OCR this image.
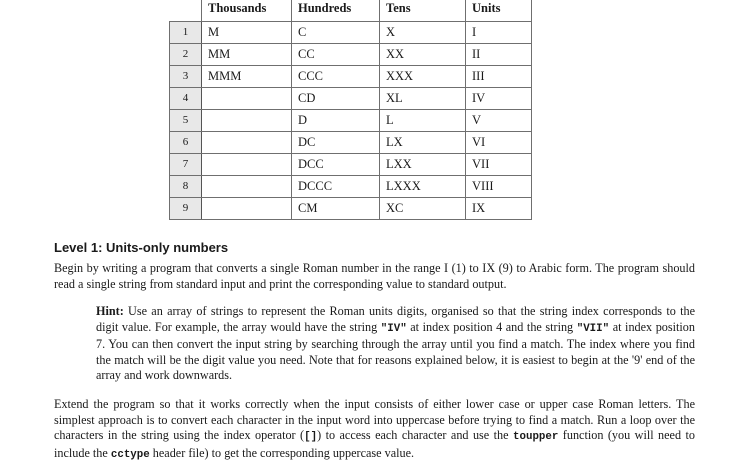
	Thousands	Hundreds	Tens	Units
1	M	C	X	I
2	MM	CC	XX	II
3	MMM	CCC	XXX	III
4		CD	XL	IV
5		D	L	V
6		DC	LX	VI
7		DCC	LXX	VII
8		DCCC	LXXX	VIII
9		CM	XC	IX
Level 1: Units-only numbers

Begin by writing a program that converts a single Roman number in the range I (1) to IX (9) to Arabic form. The program should read a single string from standard input and print the corresponding value to standard output.

Hint: Use an array of strings to represent the Roman units digits, organised so that the string index corresponds to the digit value. For example, the array would have the string "IV" at index position 4 and the string "VII" at index position 7. You can then convert the input string by searching through the array until you find a match. The index where you find the match will be the digit value you need. Note that for reasons explained below, it is easiest to begin at the '9' end of the array and work downwards.

Extend the program so that it works correctly when the input consists of either lower case or upper case Roman letters. The simplest approach is to convert each character in the input word into uppercase before trying to find a match. Run a loop over the characters in the string using the index operator ([]) to access each character and use the toupper function (you will need to include the cctype header file) to get the corresponding uppercase value.
